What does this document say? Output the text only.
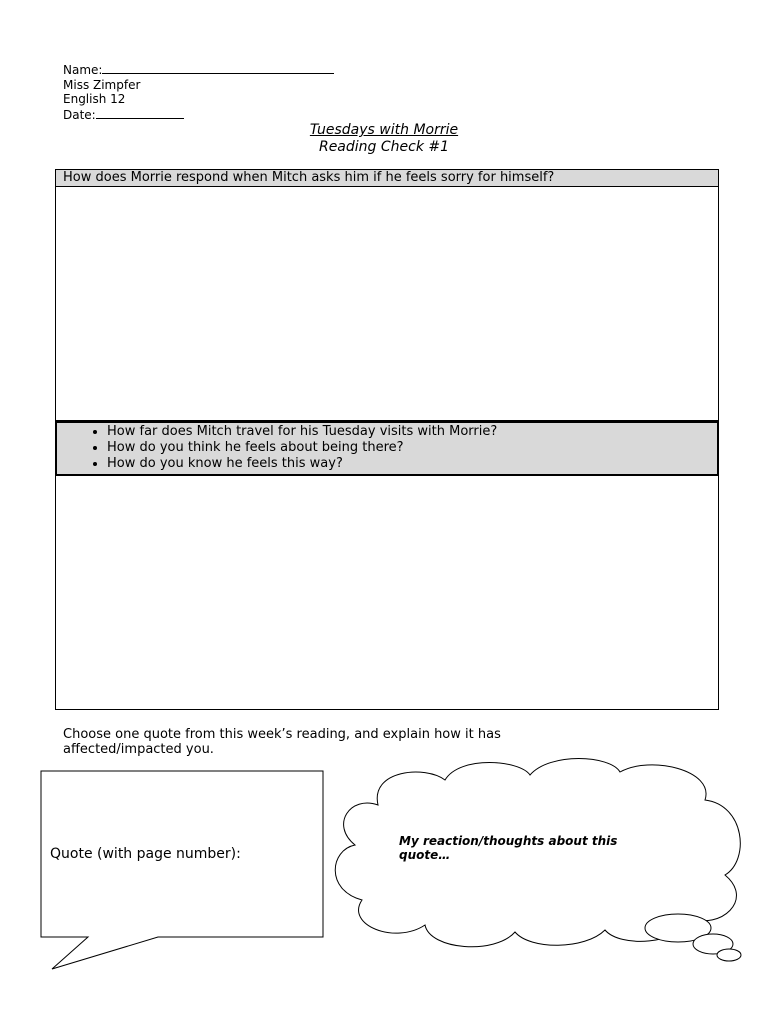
Name:
Miss Zimpfer
English 12
Date:
Tuesdays with Morrie
Reading Check #1
How does Morrie respond when Mitch asks him if he feels sorry for himself?
• How far does Mitch travel for his Tuesday visits with Morrie?
• How do you think he feels about being there?
• How do you know he feels this way?
Choose one quote from this week’s reading, and explain how it has affected/impacted you.
Quote (with page number):
My reaction/thoughts about this quote…
